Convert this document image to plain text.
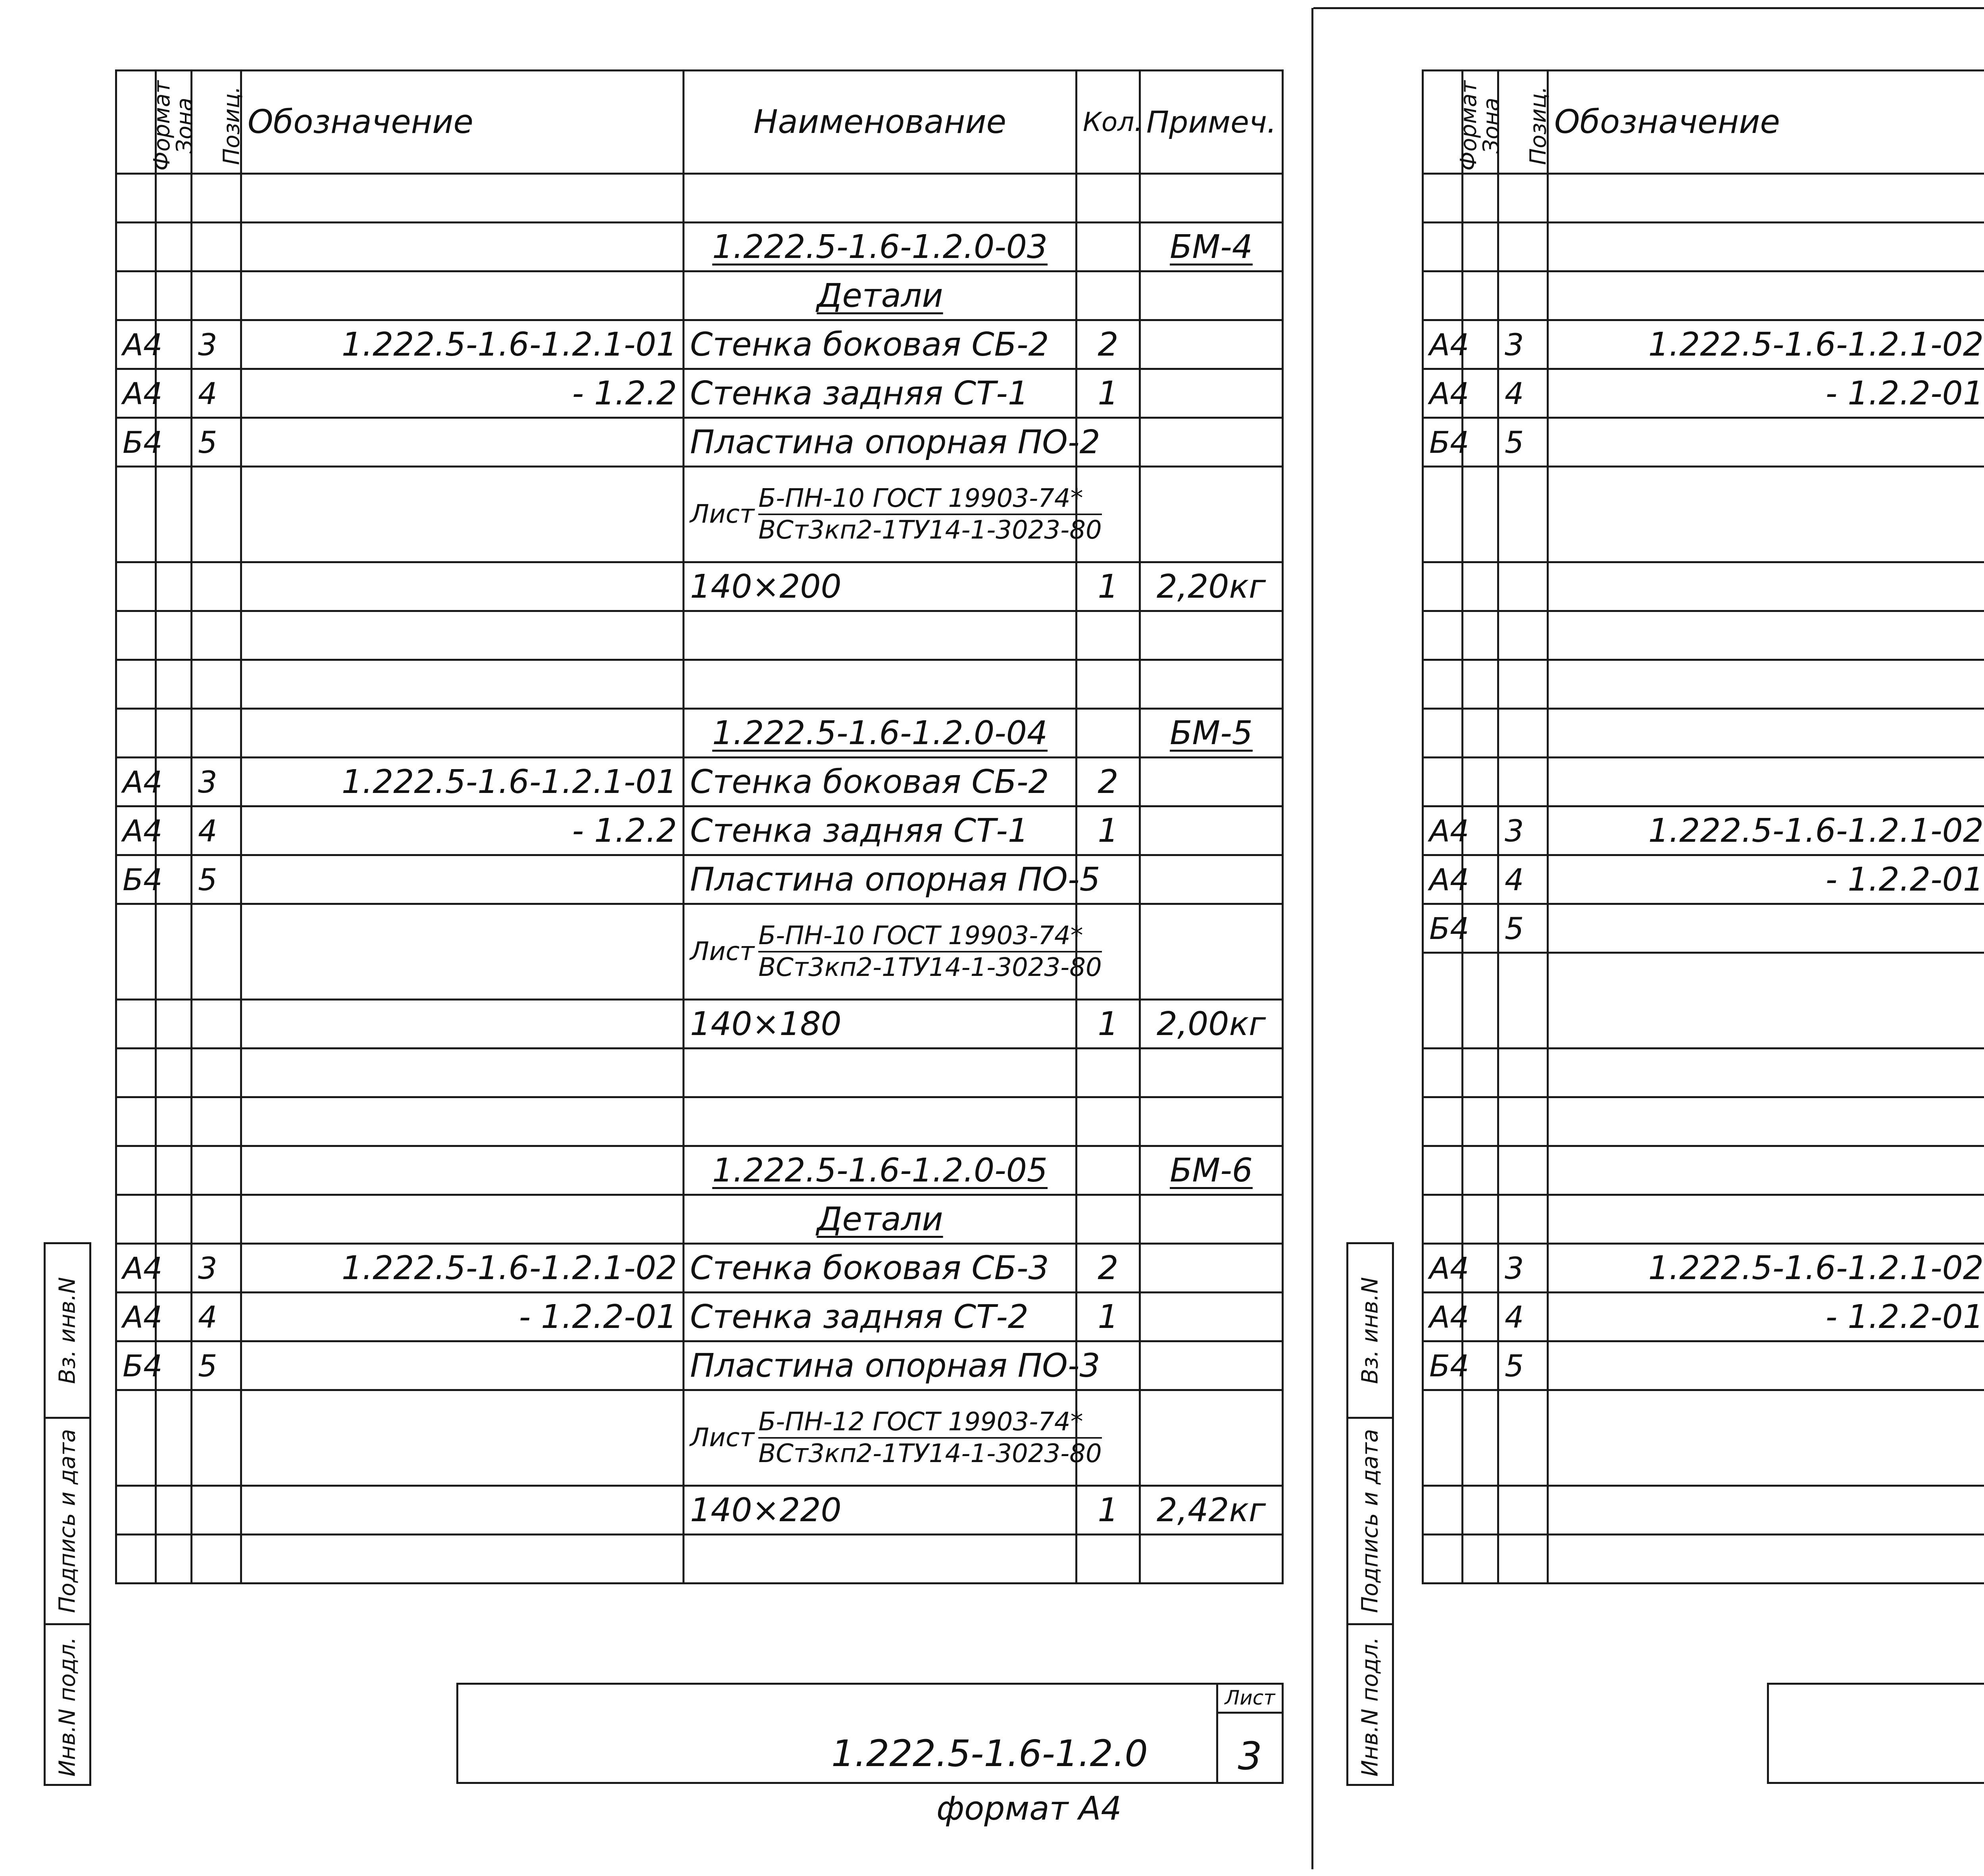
Вз. инв.N
Подпись и дата
Инв.N подл.
Формат	Зона	Позиц.	Обозначение	Наименование	Кол.	Примеч.

				1.222.5-1.6-1.2.0-03		БМ-4
				Детали		
А4		3	1.222.5-1.6-1.2.1-01	Стенка боковая СБ-2	2	
А4		4	- 1.2.2	Стенка задняя СТ-1	1	
Б4		5		Пластина опорная ПО-2		

				Лист $\frac{\text{Б-ПН-10 ГОСТ 19903-74*}}{\text{ВСт3кп2-1ТУ14-1-3023-80}}$

				140×200	1	2,20кг

				1.222.5-1.6-1.2.0-04		БМ-5
А4		3	1.222.5-1.6-1.2.1-01	Стенка боковая СБ-2	2	
А4		4	- 1.2.2	Стенка задняя СТ-1	1	
Б4		5		Пластина опорная ПО-5		

				Лист $\frac{\text{Б-ПН-10 ГОСТ 19903-74*}}{\text{ВСт3кп2-1ТУ14-1-3023-80}}$

				140×180	1	2,00кг

				1.222.5-1.6-1.2.0-05		БМ-6
				Детали		
А4		3	1.222.5-1.6-1.2.1-02	Стенка боковая СБ-3	2	
А4		4	- 1.2.2-01	Стенка задняя СТ-2	1	
Б4		5		Пластина опорная ПО-3		

				Лист $\frac{\text{Б-ПН-12 ГОСТ 19903-74*}}{\text{ВСт3кп2-1ТУ14-1-3023-80}}$

				140×220	1	2,42кг

1.222.5-1.6-1.2.0
Лист
3
формат А4
Вз. инв.N
Подпись и дата
Инв.N подл.
Формат	Зона	Позиц.	Обозначение			

А4		3	1.222.5-1.6-1.2.1-02			
А4		4	- 1.2.2-01			
Б4		5				

А4		3	1.222.5-1.6-1.2.1-02			
А4		4	- 1.2.2-01			
Б4		5				

А4		3	1.222.5-1.6-1.2.1-02			
А4		4	- 1.2.2-01			
Б4		5				
